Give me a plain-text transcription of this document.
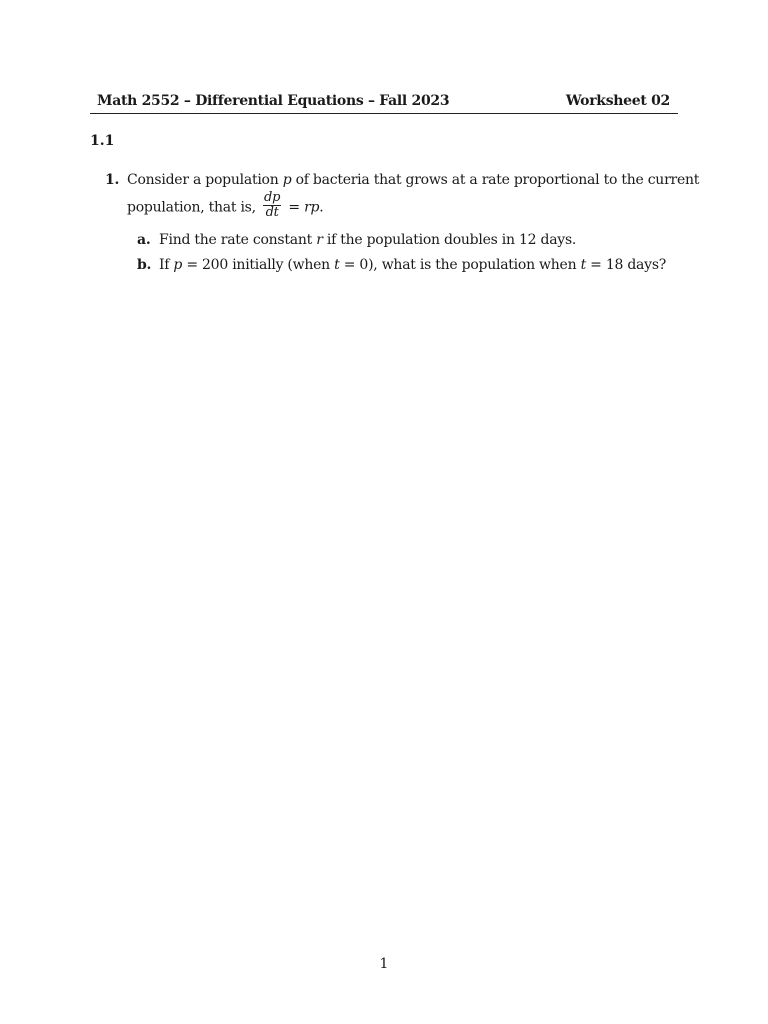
Math 2552 – Differential Equations – Fall 2023	Worksheet 02
1.1
1. Consider a population p of bacteria that grows at a rate proportional to the current
population, that is, $\frac{dp}{dt}$ = rp.
a. Find the rate constant r if the population doubles in 12 days.
b. If p = 200 initially (when t = 0), what is the population when t = 18 days?
1
